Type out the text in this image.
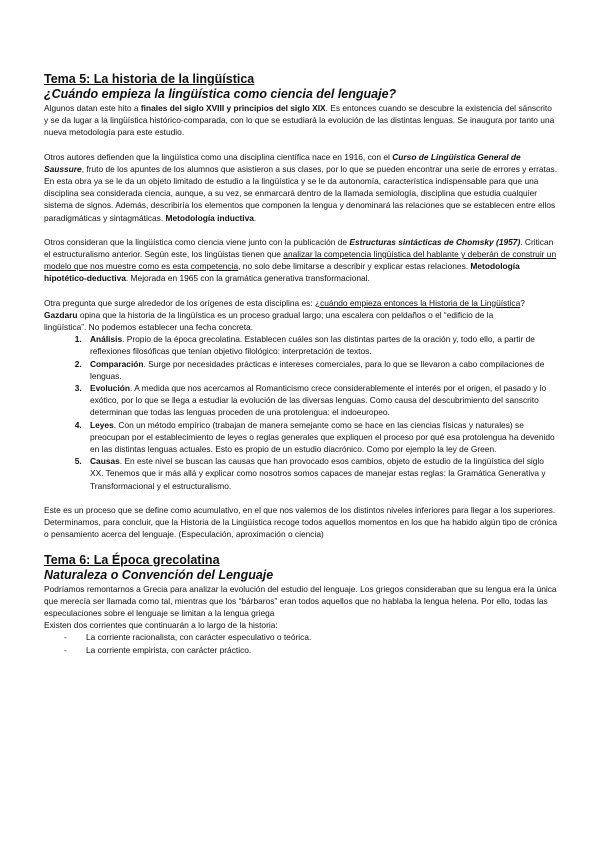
Tema 5: La historia de la lingüística

¿Cuándo empieza la lingüística como ciencia del lenguaje?

Algunos datan este hito a finales del siglo XVIII y principios del siglo XIX. Es entonces cuando se descubre la existencia del sánscrito y se da lugar a la lingüística histórico-comparada, con lo que se estudiará la evolución de las distintas lenguas. Se inaugura por tanto una nueva metodología para este estudio.

Otros autores defienden que la lingüística como una disciplina científica nace en 1916, con el Curso de Lingüística General de Saussure, fruto de los apuntes de los alumnos que asistieron a sus clases, por lo que se pueden encontrar una serie de errores y erratas. En esta obra ya se le da un objeto limitado de estudio a la lingüística y se le da autonomía, característica indispensable para que una disciplina sea considerada ciencia, aunque, a su vez, se enmarcará dentro de la llamada semiología, disciplina que estudia cualquier sistema de signos. Además, describiría los elementos que componen la lengua y denominará las relaciones que se establecen entre ellos paradigmáticas y sintagmáticas. Metodología inductiva.

Otros consideran que la lingüística como ciencia viene junto con la publicación de Estructuras sintácticas de Chomsky (1957). Critican el estructuralismo anterior. Según este, los lingüistas tienen que analizar la competencia lingüística del hablante y deberán de construir un modelo que nos muestre como es esta competencia, no solo debe limitarse a describir y explicar estas relaciones. Metodología hipotético-deductiva. Mejorada en 1965 con la gramática generativa transformacional.

Otra pregunta que surge alrededor de los orígenes de esta disciplina es: ¿cuándo empieza entonces la Historia de la Lingüística?

Gazdaru opina que la historia de la lingüística es un proceso gradual largo; una escalera con peldaños o el “edificio de la lingüística”. No podemos establecer una fecha concreta.

1. Análisis. Propio de la época grecolatina. Establecen cuáles son las distintas partes de la oración y, todo ello, a partir de reflexiones filosóficas que tenían objetivo filológico: interpretación de textos.
2. Comparación. Surge por necesidades prácticas e intereses comerciales, para lo que se llevaron a cabo compilaciones de lenguas.
3. Evolución. A medida que nos acercamos al Romanticismo crece considerablemente el interés por el origen, el pasado y lo exótico, por lo que se llega a estudiar la evolución de las diversas lenguas. Como causa del descubrimiento del sanscrito determinan que todas las lenguas proceden de una protolengua: el indoeuropeo.
4. Leyes. Con un método empírico (trabajan de manera semejante como se hace en las ciencias físicas y naturales) se preocupan por el establecimiento de leyes o reglas generales que expliquen el proceso por qué esa protolengua ha devenido en las distintas lenguas actuales. Esto es propio de un estudio diacrónico. Como por ejemplo la ley de Green.
5. Causas. En este nivel se buscan las causas que han provocado esos cambios, objeto de estudio de la lingüística del siglo XX. Tenemos que ir más allá y explicar como nosotros somos capaces de manejar estas reglas: la Gramática Generativa y Transformacional y el estructuralismo.

Este es un proceso que se define como acumulativo, en el que nos valemos de los distintos niveles inferiores para llegar a los superiores.

Determinamos, para concluir, que la Historia de la Lingüística recoge todos aquellos momentos en los que ha habido algún tipo de crónica o pensamiento acerca del lenguaje. (Especulación, aproximación o ciencia)

Tema 6: La Época grecolatina

Naturaleza o Convención del Lenguaje

Podríamos remontarnos a Grecia para analizar la evolución del estudio del lenguaje. Los griegos consideraban que su lengua era la única que merecía ser llamada como tal, mientras que los “bárbaros” eran todos aquellos que no hablaba la lengua helena. Por ello, todas las especulaciones sobre el lenguaje se limitan a la lengua griega

Existen dos corrientes que continuarán a lo largo de la historia:

- La corriente racionalista, con carácter especulativo o teórica.
- La corriente empirista, con carácter práctico.
